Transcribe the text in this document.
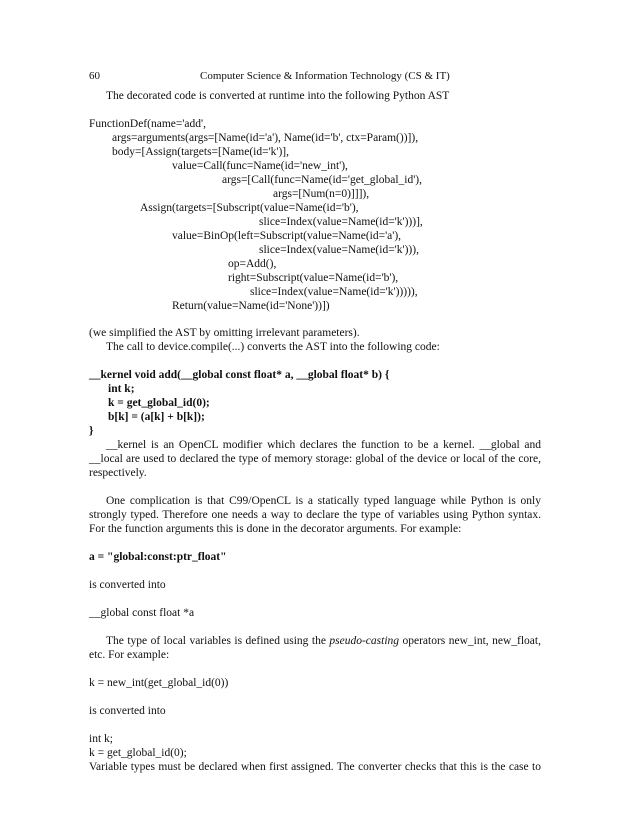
60	Computer Science & Information Technology (CS & IT)
The decorated code is converted at runtime into the following Python AST
FunctionDef(name='add',
args=arguments(args=[Name(id='a'), Name(id='b', ctx=Param())]),
body=[Assign(targets=[Name(id='k')],
value=Call(func=Name(id='new_int'),
args=[Call(func=Name(id='get_global_id'),
args=[Num(n=0)]]]),
Assign(targets=[Subscript(value=Name(id='b'),
slice=Index(value=Name(id='k')))],
value=BinOp(left=Subscript(value=Name(id='a'),
slice=Index(value=Name(id='k'))),
op=Add(),
right=Subscript(value=Name(id='b'),
slice=Index(value=Name(id='k'))))),
Return(value=Name(id='None'))])
(we simplified the AST by omitting irrelevant parameters).
The call to device.compile(...) converts the AST into the following code:
__kernel void add(__global const float* a, __global float* b) {
int k;
k = get_global_id(0);
b[k] = (a[k] + b[k]);
}
__kernel is an OpenCL modifier which declares the function to be a kernel. __global and
__local are used to declared the type of memory storage: global of the device or local of the core,
respectively.
One complication is that C99/OpenCL is a statically typed language while Python is only
strongly typed. Therefore one needs a way to declare the type of variables using Python syntax.
For the function arguments this is done in the decorator arguments. For example:
a = "global:const:ptr_float"
is converted into
__global const float *a
The type of local variables is defined using the pseudo-casting operators new_int, new_float,
etc. For example:
k = new_int(get_global_id(0))
is converted into
int k;
k = get_global_id(0);
Variable types must be declared when first assigned. The converter checks that this is the case to
